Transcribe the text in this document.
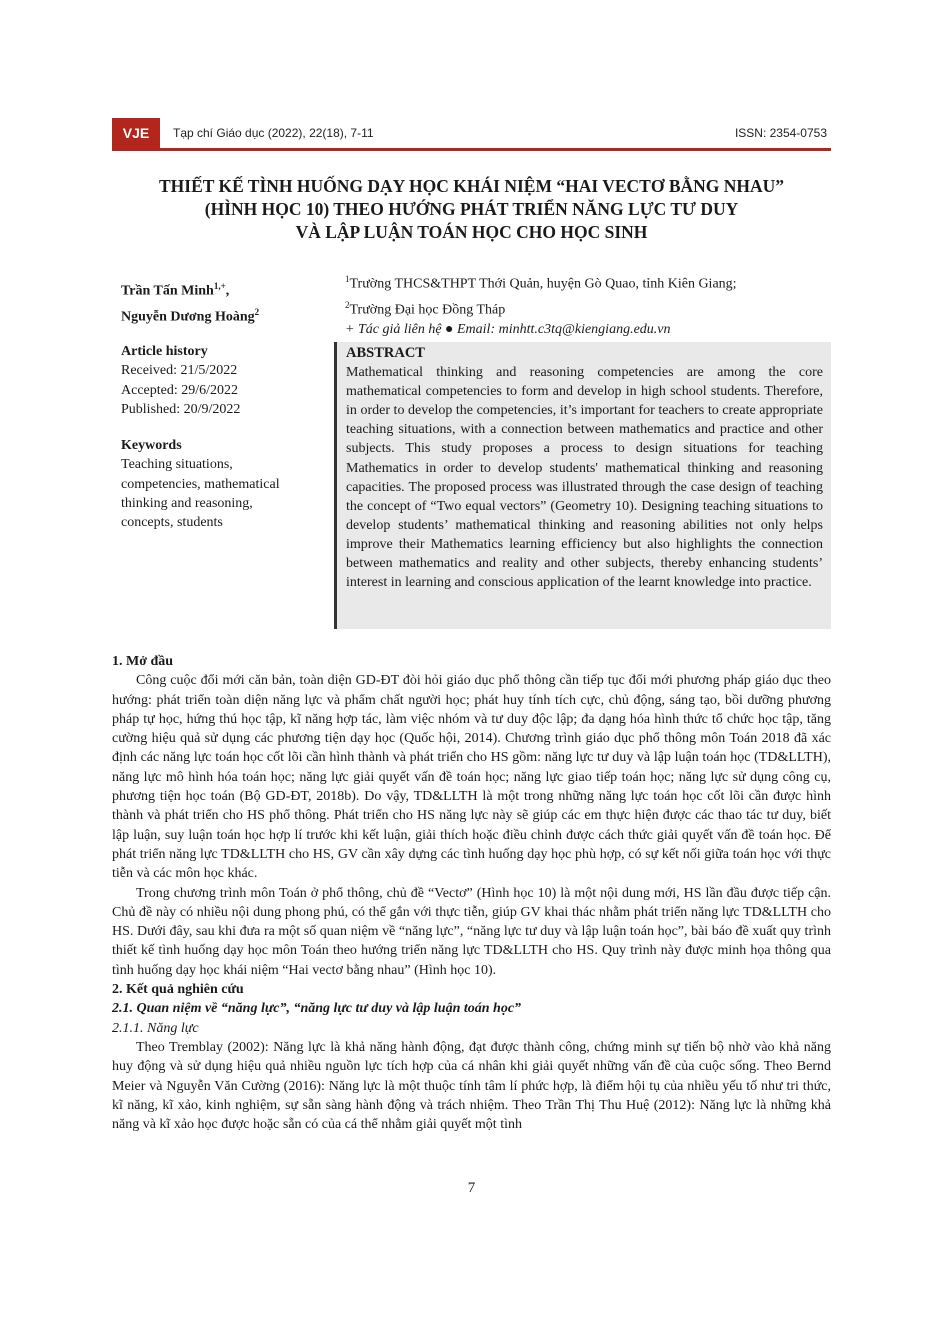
VJE	Tạp chí Giáo dục (2022), 22(18), 7-11	ISSN: 2354-0753
THIẾT KẾ TÌNH HUỐNG DẠY HỌC KHÁI NIỆM “HAI VECTƠ BẰNG NHAU”
(HÌNH HỌC 10) THEO HƯỚNG PHÁT TRIỂN NĂNG LỰC TƯ DUY
VÀ LẬP LUẬN TOÁN HỌC CHO HỌC SINH
Trần Tấn Minh$^{1,+}$,
Nguyễn Dương Hoàng$^2$
$^1$Trường THCS&THPT Thới Quản, huyện Gò Quao, tỉnh Kiên Giang;
$^2$Trường Đại học Đồng Tháp
+ Tác giả liên hệ ● Email: minhtt.c3tq@kiengiang.edu.vn
Article history
Received: 21/5/2022
Accepted: 29/6/2022
Published: 20/9/2022
Keywords
Teaching situations,
competencies, mathematical
thinking and reasoning,
concepts, students
ABSTRACT
Mathematical thinking and reasoning competencies are among the core mathematical competencies to form and develop in high school students. Therefore, in order to develop the competencies, it’s important for teachers to create appropriate teaching situations, with a connection between mathematics and practice and other subjects. This study proposes a process to design situations for teaching Mathematics in order to develop students' mathematical thinking and reasoning capacities. The proposed process was illustrated through the case design of teaching the concept of “Two equal vectors” (Geometry 10). Designing teaching situations to develop students’ mathematical thinking and reasoning abilities not only helps improve their Mathematics learning efficiency but also highlights the connection between mathematics and reality and other subjects, thereby enhancing students’ interest in learning and conscious application of the learnt knowledge into practice.
1. Mở đầu

Công cuộc đổi mới căn bản, toàn diện GD-ĐT đòi hỏi giáo dục phổ thông cần tiếp tục đổi mới phương pháp giáo dục theo hướng: phát triển toàn diện năng lực và phẩm chất người học; phát huy tính tích cực, chủ động, sáng tạo, bồi dưỡng phương pháp tự học, hứng thú học tập, kĩ năng hợp tác, làm việc nhóm và tư duy độc lập; đa dạng hóa hình thức tổ chức học tập, tăng cường hiệu quả sử dụng các phương tiện dạy học (Quốc hội, 2014). Chương trình giáo dục phổ thông môn Toán 2018 đã xác định các năng lực toán học cốt lõi cần hình thành và phát triển cho HS gồm: năng lực tư duy và lập luận toán học (TD&LLTH), năng lực mô hình hóa toán học; năng lực giải quyết vấn đề toán học; năng lực giao tiếp toán học; năng lực sử dụng công cụ, phương tiện học toán (Bộ GD-ĐT, 2018b). Do vậy, TD&LLTH là một trong những năng lực toán học cốt lõi cần được hình thành và phát triển cho HS phổ thông. Phát triển cho HS năng lực này sẽ giúp các em thực hiện được các thao tác tư duy, biết lập luận, suy luận toán học hợp lí trước khi kết luận, giải thích hoặc điều chỉnh được cách thức giải quyết vấn đề toán học. Để phát triển năng lực TD&LLTH cho HS, GV cần xây dựng các tình huống dạy học phù hợp, có sự kết nối giữa toán học với thực tiễn và các môn học khác.

Trong chương trình môn Toán ở phổ thông, chủ đề “Vectơ” (Hình học 10) là một nội dung mới, HS lần đầu được tiếp cận. Chủ đề này có nhiều nội dung phong phú, có thể gắn với thực tiễn, giúp GV khai thác nhằm phát triển năng lực TD&LLTH cho HS. Dưới đây, sau khi đưa ra một số quan niệm về “năng lực”, “năng lực tư duy và lập luận toán học”, bài báo đề xuất quy trình thiết kế tình huống dạy học môn Toán theo hướng triển năng lực TD&LLTH cho HS. Quy trình này được minh họa thông qua tình huống dạy học khái niệm “Hai vectơ bằng nhau” (Hình học 10).

2. Kết quả nghiên cứu
2.1. Quan niệm về “năng lực”, “năng lực tư duy và lập luận toán học”
2.1.1. Năng lực

Theo Tremblay (2002): Năng lực là khả năng hành động, đạt được thành công, chứng minh sự tiến bộ nhờ vào khả năng huy động và sử dụng hiệu quả nhiều nguồn lực tích hợp của cá nhân khi giải quyết những vấn đề của cuộc sống. Theo Bernd Meier và Nguyễn Văn Cường (2016): Năng lực là một thuộc tính tâm lí phức hợp, là điểm hội tụ của nhiều yếu tố như tri thức, kĩ năng, kĩ xảo, kinh nghiệm, sự sẵn sàng hành động và trách nhiệm. Theo Trần Thị Thu Huệ (2012): Năng lực là những khả năng và kĩ xảo học được hoặc sẵn có của cá thể nhằm giải quyết một tình

7
